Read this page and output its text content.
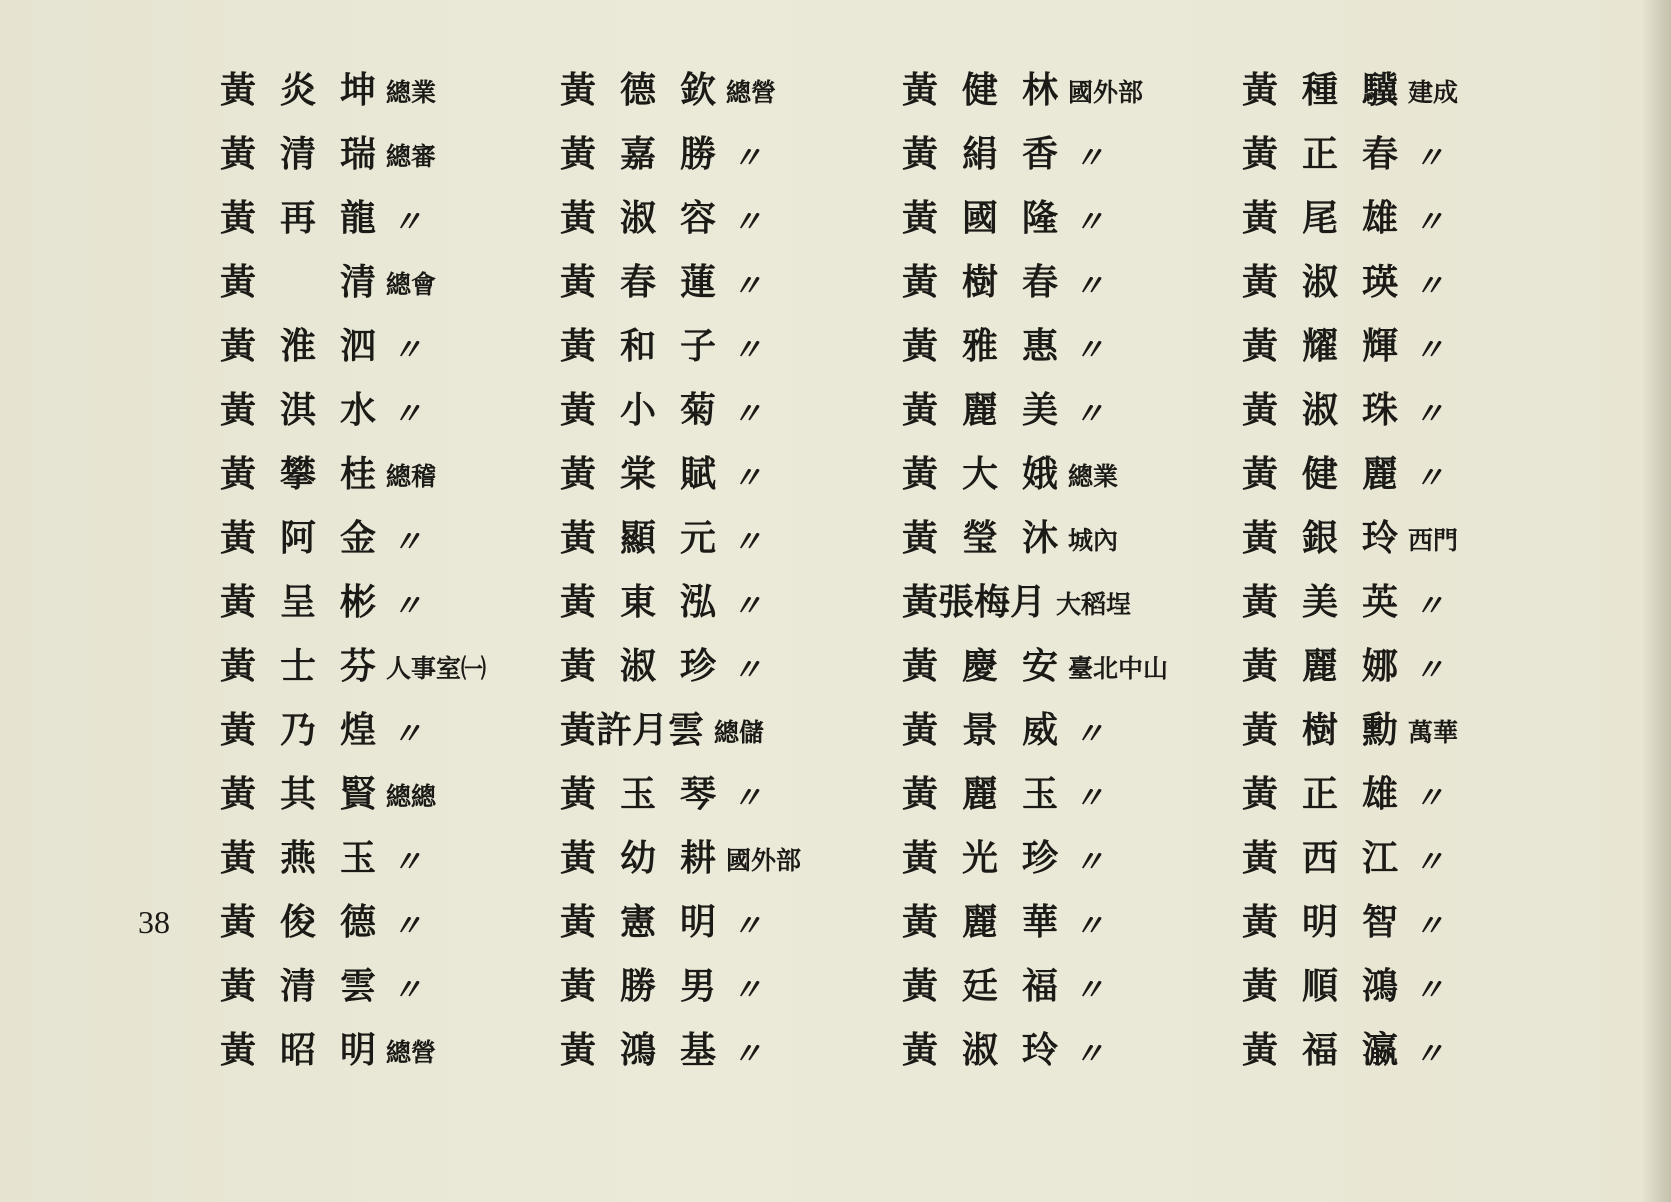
黃炎坤
總業
黃清瑞
總審
黃再龍
〃
黃　清
總會
黃淮泗
〃
黃淇水
〃
黃攀桂
總稽
黃阿金
〃
黃呈彬
〃
黃士芬
人事室㈠
黃乃煌
〃
黃其賢
總總
黃燕玉
〃
黃俊德
〃
黃清雲
〃
黃昭明
總營
黃德欽
總營
黃嘉勝
〃
黃淑容
〃
黃春蓮
〃
黃和子
〃
黃小菊
〃
黃棠賦
〃
黃顯元
〃
黃東泓
〃
黃淑珍
〃
黃許月雲 總儲
黃玉琴
〃
黃幼耕
國外部
黃憲明
〃
黃勝男
〃
黃鴻基
〃
黃健林
國外部
黃絹香
〃
黃國隆
〃
黃樹春
〃
黃雅惠
〃
黃麗美
〃
黃大娥
總業
黃瑩沐
城內
黃張梅月 大稻埕
黃慶安
臺北中山
黃景威
〃
黃麗玉
〃
黃光珍
〃
黃麗華
〃
黃廷福
〃
黃淑玲
〃
黃種驥
建成
黃正春
〃
黃尾雄
〃
黃淑瑛
〃
黃耀輝
〃
黃淑珠
〃
黃健麗
〃
黃銀玲
西門
黃美英
〃
黃麗娜
〃
黃樹勳
萬華
黃正雄
〃
黃西江
〃
黃明智
〃
黃順鴻
〃
黃福瀛
〃
38
